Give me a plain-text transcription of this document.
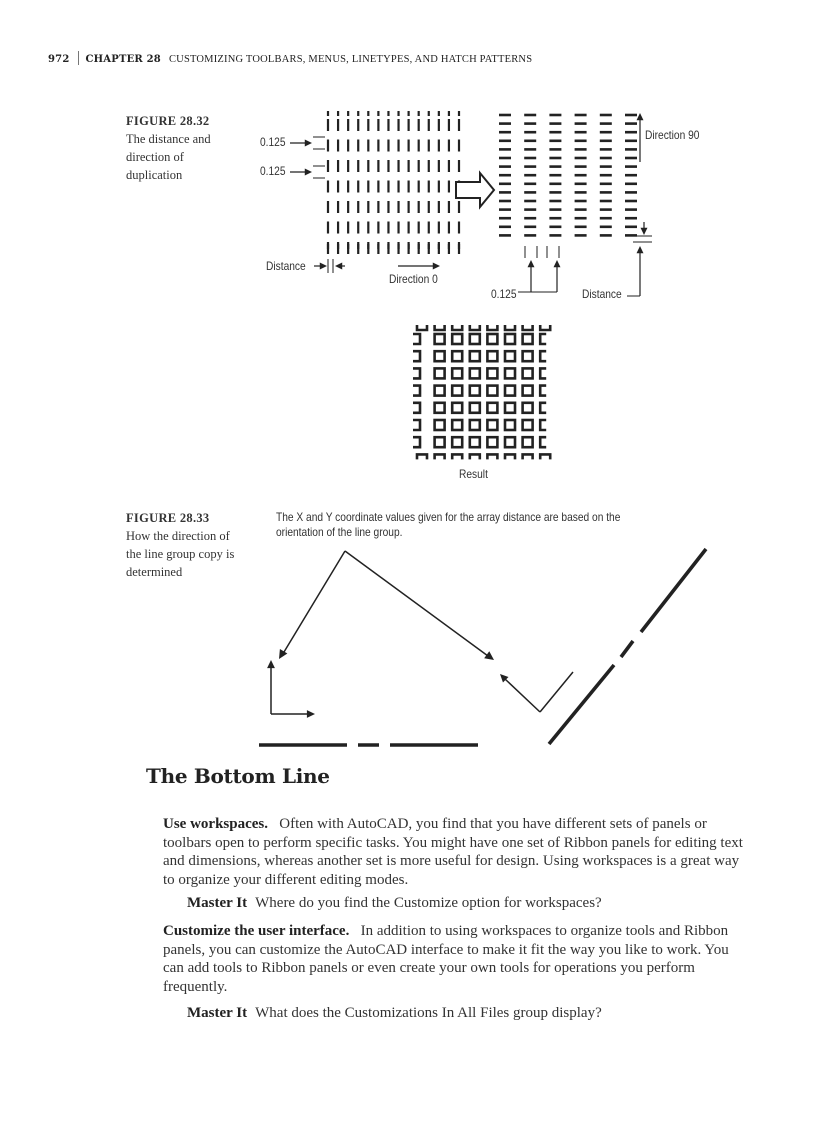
972 CHAPTER 28 CUSTOMIZING TOOLBARS, MENUS, LINETYPES, AND HATCH PATTERNS
FIGURE 28.32
The distance and direction of duplication
0.125
0.125
Direction 90
Distance
Direction 0
0.125	Distance
Result
FIGURE 28.33
How the direction of the line group copy is determined
The X and Y coordinate values given for the array distance are based on the orientation of the line group.
The Bottom Line
Use workspaces. Often with AutoCAD, you find that you have different sets of panels or toolbars open to perform specific tasks. You might have one set of Ribbon panels for editing text and dimensions, whereas another set is more useful for design. Using workspaces is a great way to organize your different editing modes.
Master It Where do you find the Customize option for workspaces?
Customize the user interface. In addition to using workspaces to organize tools and Ribbon panels, you can customize the AutoCAD interface to make it fit the way you like to work. You can add tools to Ribbon panels or even create your own tools for operations you perform frequently.
Master It What does the Customizations In All Files group display?
